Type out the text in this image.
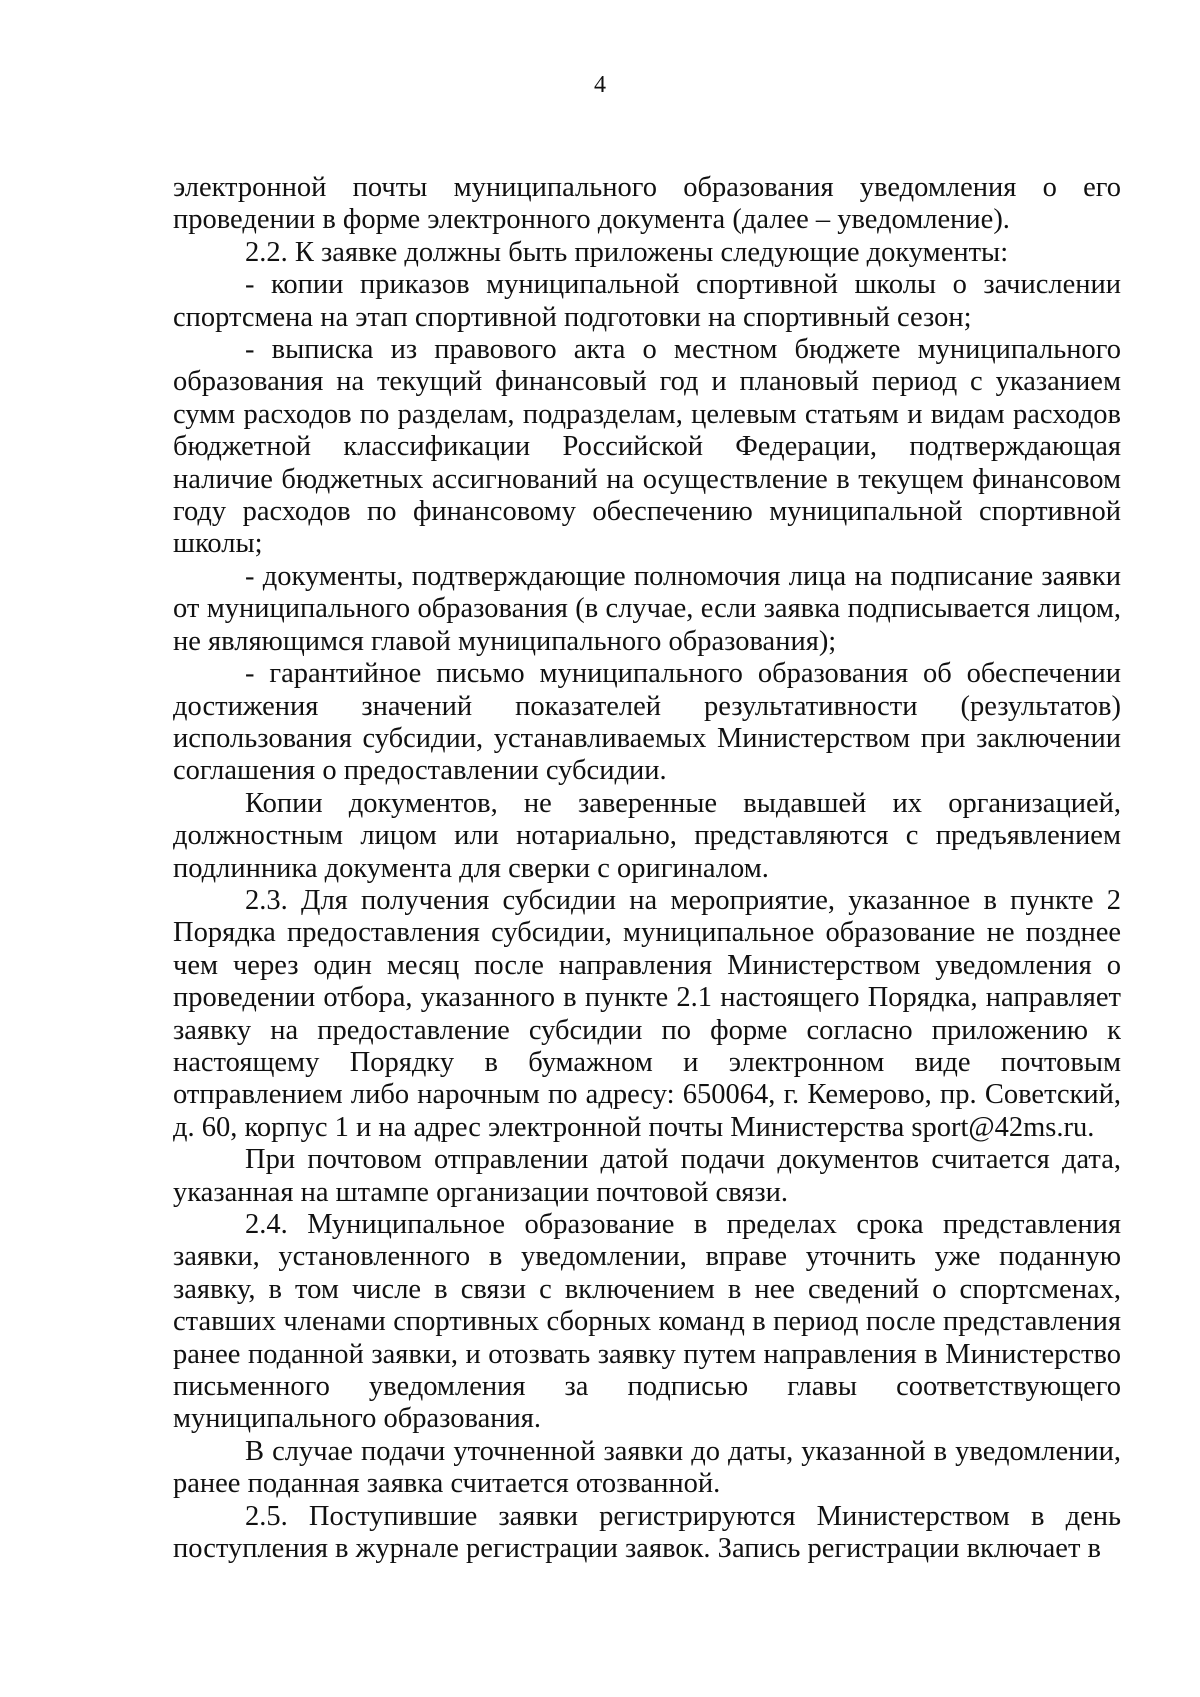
4

электронной почты муниципального образования уведомления о его проведении в форме электронного документа (далее – уведомление).

2.2. К заявке должны быть приложены следующие документы:

- копии приказов муниципальной спортивной школы о зачислении спортсмена на этап спортивной подготовки на спортивный сезон;

- выписка из правового акта о местном бюджете муниципального образования на текущий финансовый год и плановый период с указанием сумм расходов по разделам, подразделам, целевым статьям и видам расходов бюджетной классификации Российской Федерации, подтверждающая наличие бюджетных ассигнований на осуществление в текущем финансовом году расходов по финансовому обеспечению муниципальной спортивной школы;

- документы, подтверждающие полномочия лица на подписание заявки от муниципального образования (в случае, если заявка подписывается лицом, не являющимся главой муниципального образования);

- гарантийное письмо муниципального образования об обеспечении достижения значений показателей результативности (результатов) использования субсидии, устанавливаемых Министерством при заключении соглашения о предоставлении субсидии.

Копии документов, не заверенные выдавшей их организацией, должностным лицом или нотариально, представляются с предъявлением подлинника документа для сверки с оригиналом.

2.3. Для получения субсидии на мероприятие, указанное в пункте 2 Порядка предоставления субсидии, муниципальное образование не позднее чем через один месяц после направления Министерством уведомления о проведении отбора, указанного в пункте 2.1 настоящего Порядка, направляет заявку на предоставление субсидии по форме согласно приложению к настоящему Порядку в бумажном и электронном виде почтовым отправлением либо нарочным по адресу: 650064, г. Кемерово, пр. Советский, д. 60, корпус 1 и на адрес электронной почты Министерства sport@42ms.ru.

При почтовом отправлении датой подачи документов считается дата, указанная на штампе организации почтовой связи.

2.4. Муниципальное образование в пределах срока представления заявки, установленного в уведомлении, вправе уточнить уже поданную заявку, в том числе в связи с включением в нее сведений о спортсменах, ставших членами спортивных сборных команд в период после представления ранее поданной заявки, и отозвать заявку путем направления в Министерство письменного уведомления за подписью главы соответствующего муниципального образования.

В случае подачи уточненной заявки до даты, указанной в уведомлении, ранее поданная заявка считается отозванной.

2.5. Поступившие заявки регистрируются Министерством в день поступления в журнале регистрации заявок. Запись регистрации включает в
